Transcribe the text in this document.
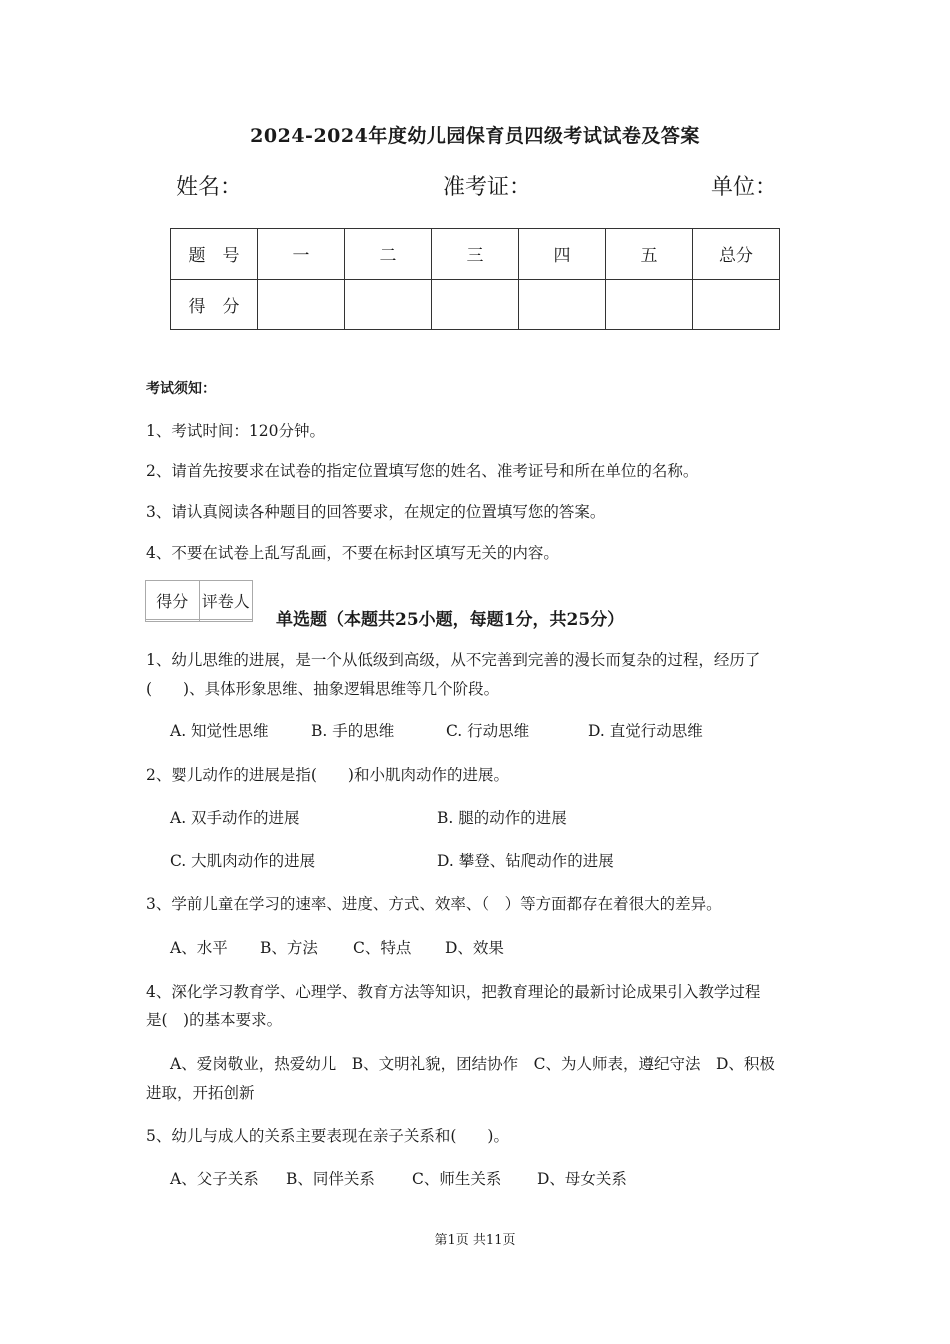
2024-2024年度幼儿园保育员四级考试试卷及答案
姓名：	准考证：	单位：
题　号	一	二	三	四	五	总分
得　分						
考试须知：
1、考试时间：120分钟。
2、请首先按要求在试卷的指定位置填写您的姓名、准考证号和所在单位的名称。
3、请认真阅读各种题目的回答要求，在规定的位置填写您的答案。
4、不要在试卷上乱写乱画，不要在标封区填写无关的内容。
得分	评卷人

单选题（本题共25小题，每题1分，共25分）
1、幼儿思维的进展，是一个从低级到高级，从不完善到完善的漫长而复杂的过程，经历了
(　　)、具体形象思维、抽象逻辑思维等几个阶段。
A. 知觉性思维	B. 手的思维	C. 行动思维	D. 直觉行动思维
2、婴儿动作的进展是指(　　)和小肌肉动作的进展。
A. 双手动作的进展	B. 腿的动作的进展
C. 大肌肉动作的进展	D. 攀登、钻爬动作的进展
3、学前儿童在学习的速率、进度、方式、效率、（　）等方面都存在着很大的差异。
A、水平 B、方法 C、特点 D、效果
4、深化学习教育学、心理学、教育方法等知识，把教育理论的最新讨论成果引入教学过程
是(　)的基本要求。
A、爱岗敬业，热爱幼儿　B、文明礼貌，团结协作　C、为人师表，遵纪守法　D、积极
进取，开拓创新
5、幼儿与成人的关系主要表现在亲子关系和(　　)。
A、父子关系 B、同伴关系 C、师生关系 D、母女关系
第1页 共11页
